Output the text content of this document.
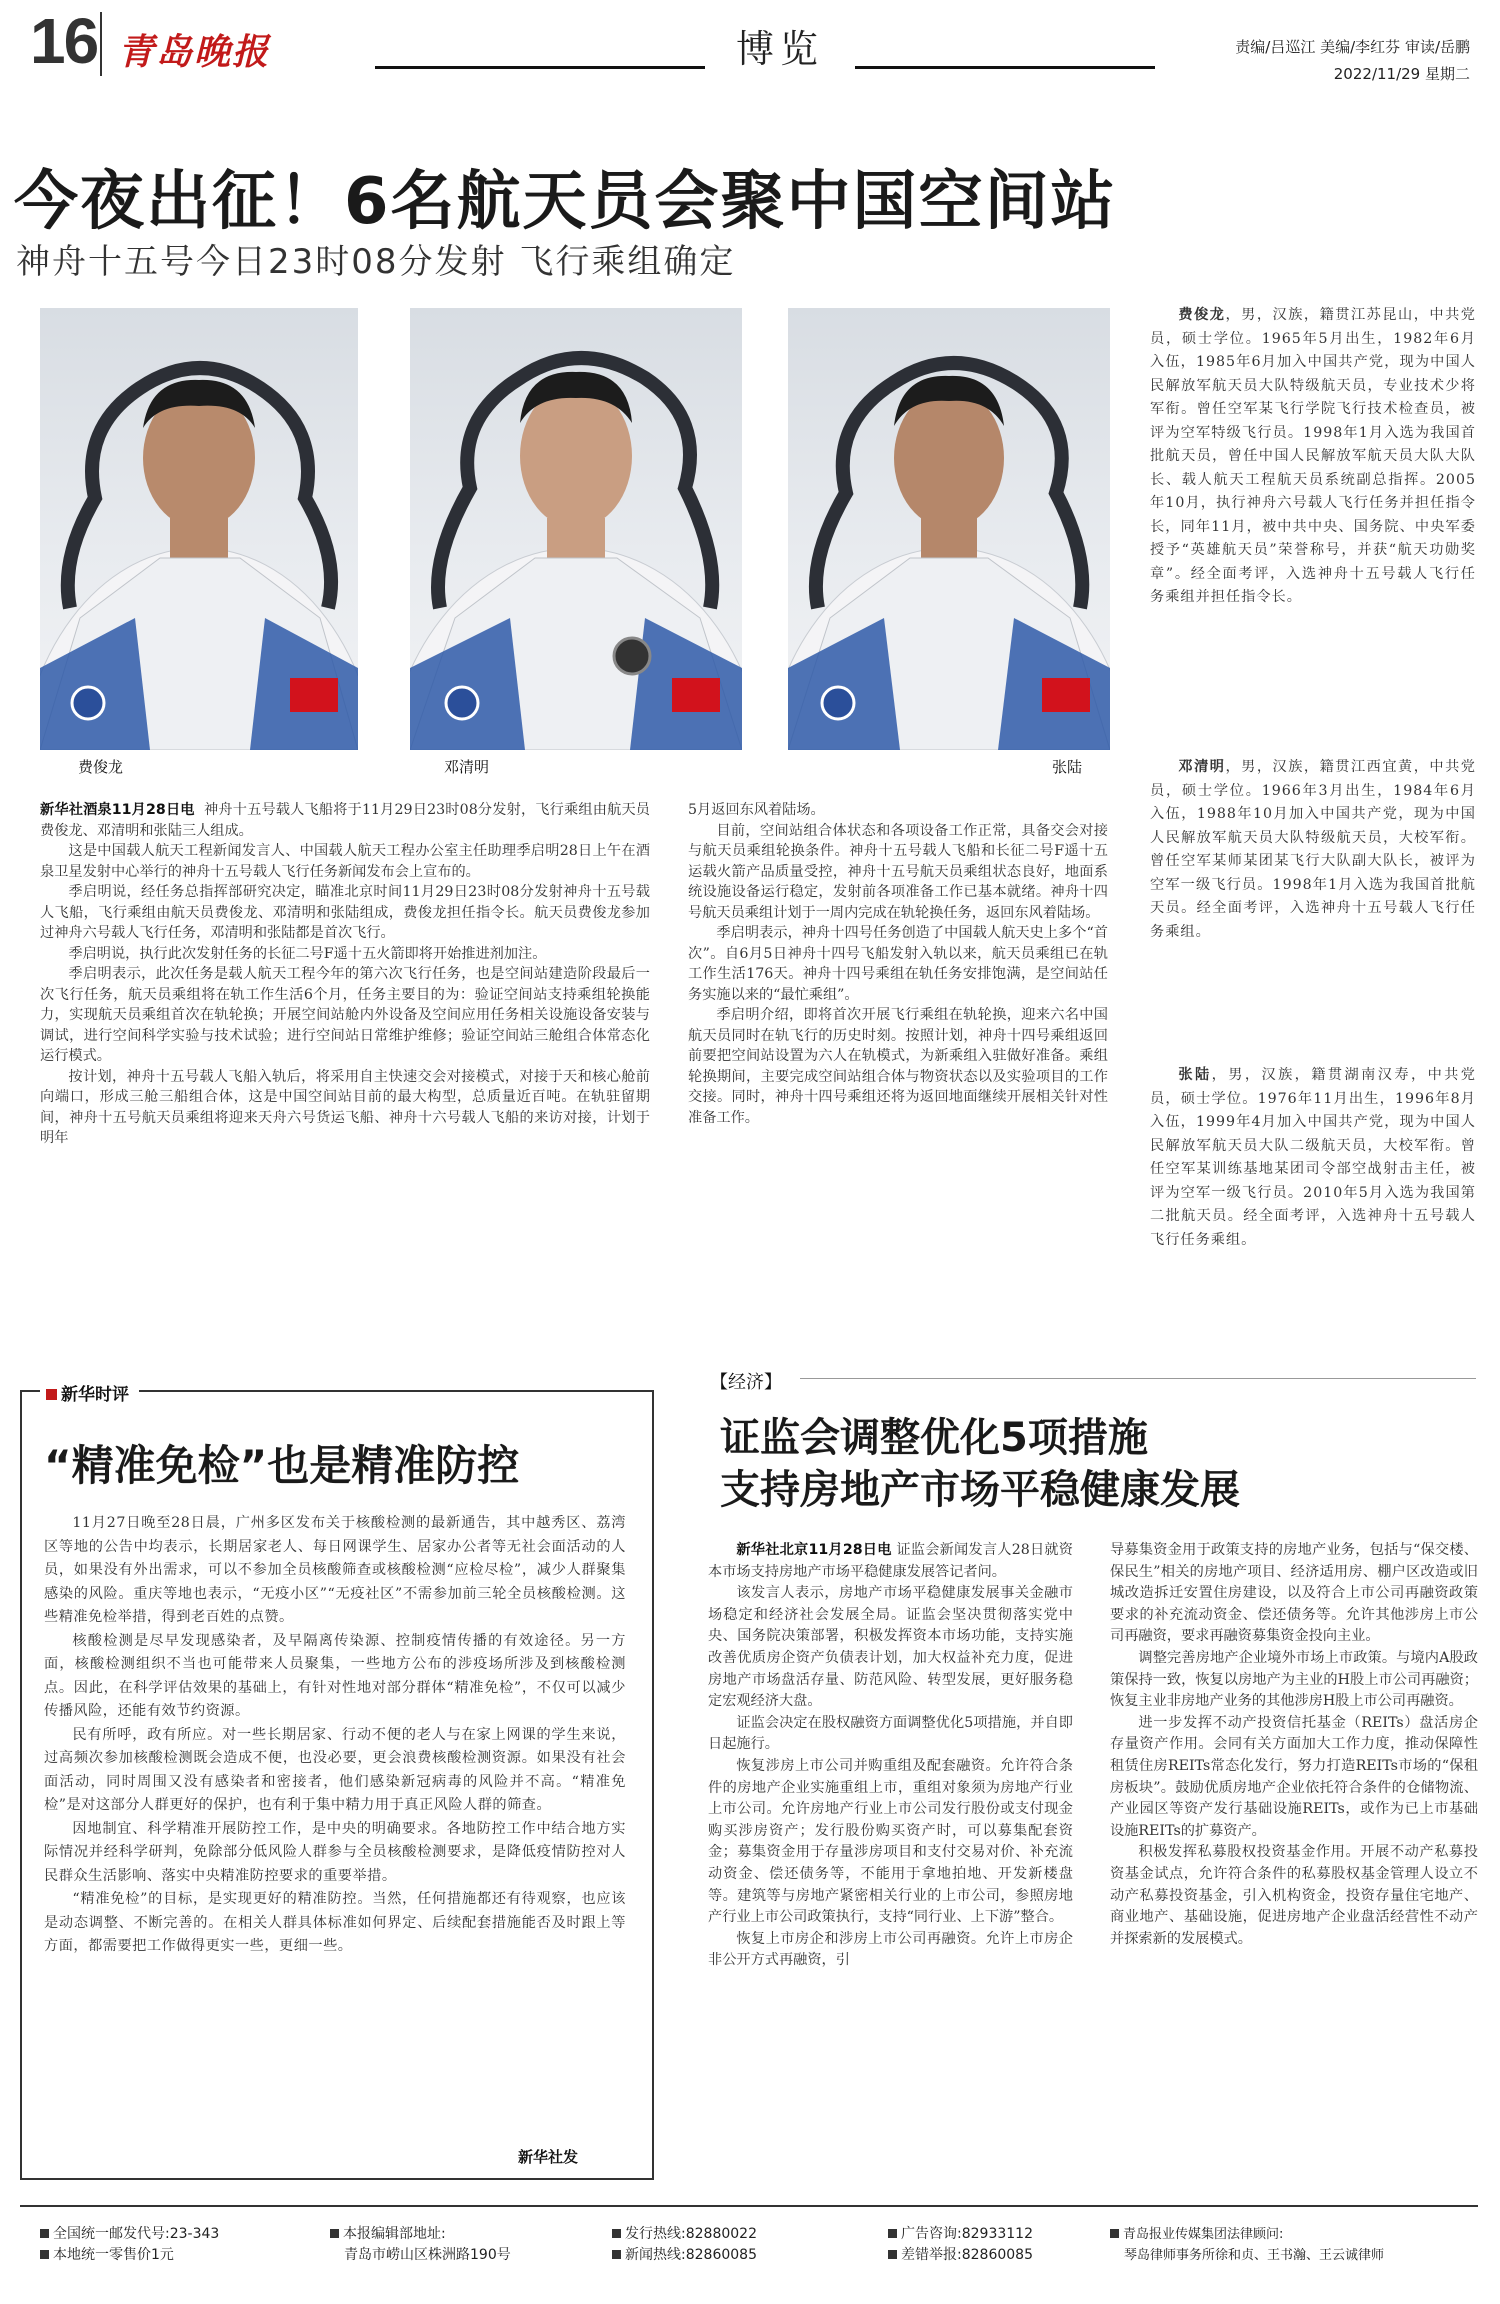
16 青岛晚报	博览	责编/吕巡江 美编/李红芬 审读/岳鹏
2022/11/29 星期二
今夜出征！6名航天员会聚中国空间站
神舟十五号今日23时08分发射 飞行乘组确定
费俊龙	邓清明	张陆

新华社酒泉11月28日电 神舟十五号载人飞船将于11月29日23时08分发射，飞行乘组由航天员费俊龙、邓清明和张陆三人组成。

这是中国载人航天工程新闻发言人、中国载人航天工程办公室主任助理季启明28日上午在酒泉卫星发射中心举行的神舟十五号载人飞行任务新闻发布会上宣布的。

季启明说，经任务总指挥部研究决定，瞄准北京时间11月29日23时08分发射神舟十五号载人飞船，飞行乘组由航天员费俊龙、邓清明和张陆组成，费俊龙担任指令长。航天员费俊龙参加过神舟六号载人飞行任务，邓清明和张陆都是首次飞行。

季启明说，执行此次发射任务的长征二号F遥十五火箭即将开始推进剂加注。

季启明表示，此次任务是载人航天工程今年的第六次飞行任务，也是空间站建造阶段最后一次飞行任务，航天员乘组将在轨工作生活6个月，任务主要目的为：验证空间站支持乘组轮换能力，实现航天员乘组首次在轨轮换；开展空间站舱内外设备及空间应用任务相关设施设备安装与调试，进行空间科学实验与技术试验；进行空间站日常维护维修；验证空间站三舱组合体常态化运行模式。

按计划，神舟十五号载人飞船入轨后，将采用自主快速交会对接模式，对接于天和核心舱前向端口，形成三舱三船组合体，这是中国空间站目前的最大构型，总质量近百吨。在轨驻留期间，神舟十五号航天员乘组将迎来天舟六号货运飞船、神舟十六号载人飞船的来访对接，计划于明年

5月返回东风着陆场。

目前，空间站组合体状态和各项设备工作正常，具备交会对接与航天员乘组轮换条件。神舟十五号载人飞船和长征二号F遥十五运载火箭产品质量受控，神舟十五号航天员乘组状态良好，地面系统设施设备运行稳定，发射前各项准备工作已基本就绪。神舟十四号航天员乘组计划于一周内完成在轨轮换任务，返回东风着陆场。

季启明表示，神舟十四号任务创造了中国载人航天史上多个“首次”。自6月5日神舟十四号飞船发射入轨以来，航天员乘组已在轨工作生活176天。神舟十四号乘组在轨任务安排饱满，是空间站任务实施以来的“最忙乘组”。

季启明介绍，即将首次开展飞行乘组在轨轮换，迎来六名中国航天员同时在轨飞行的历史时刻。按照计划，神舟十四号乘组返回前要把空间站设置为六人在轨模式，为新乘组入驻做好准备。乘组轮换期间，主要完成空间站组合体与物资状态以及实验项目的工作交接。同时，神舟十四号乘组还将为返回地面继续开展相关针对性准备工作。

费俊龙，男，汉族，籍贯江苏昆山，中共党员，硕士学位。1965年5月出生，1982年6月入伍，1985年6月加入中国共产党，现为中国人民解放军航天员大队特级航天员，专业技术少将军衔。曾任空军某飞行学院飞行技术检查员，被评为空军特级飞行员。1998年1月入选为我国首批航天员，曾任中国人民解放军航天员大队大队长、载人航天工程航天员系统副总指挥。2005年10月，执行神舟六号载人飞行任务并担任指令长，同年11月，被中共中央、国务院、中央军委授予“英雄航天员”荣誉称号，并获“航天功勋奖章”。经全面考评，入选神舟十五号载人飞行任务乘组并担任指令长。

邓清明，男，汉族，籍贯江西宜黄，中共党员，硕士学位。1966年3月出生，1984年6月入伍，1988年10月加入中国共产党，现为中国人民解放军航天员大队特级航天员，大校军衔。曾任空军某师某团某飞行大队副大队长，被评为空军一级飞行员。1998年1月入选为我国首批航天员。经全面考评，入选神舟十五号载人飞行任务乘组。

张陆，男，汉族，籍贯湖南汉寿，中共党员，硕士学位。1976年11月出生，1996年8月入伍，1999年4月加入中国共产党，现为中国人民解放军航天员大队二级航天员，大校军衔。曾任空军某训练基地某团司令部空战射击主任，被评为空军一级飞行员。2010年5月入选为我国第二批航天员。经全面考评，入选神舟十五号载人飞行任务乘组。

新华时评
“精准免检”也是精准防控

11月27日晚至28日晨，广州多区发布关于核酸检测的最新通告，其中越秀区、荔湾区等地的公告中均表示，长期居家老人、每日网课学生、居家办公者等无社会面活动的人员，如果没有外出需求，可以不参加全员核酸筛查或核酸检测“应检尽检”，减少人群聚集感染的风险。重庆等地也表示，“无疫小区”“无疫社区”不需参加前三轮全员核酸检测。这些精准免检举措，得到老百姓的点赞。

核酸检测是尽早发现感染者，及早隔离传染源、控制疫情传播的有效途径。另一方面，核酸检测组织不当也可能带来人员聚集，一些地方公布的涉疫场所涉及到核酸检测点。因此，在科学评估效果的基础上，有针对性地对部分群体“精准免检”，不仅可以减少传播风险，还能有效节约资源。

民有所呼，政有所应。对一些长期居家、行动不便的老人与在家上网课的学生来说，过高频次参加核酸检测既会造成不便，也没必要，更会浪费核酸检测资源。如果没有社会面活动，同时周围又没有感染者和密接者，他们感染新冠病毒的风险并不高。“精准免检”是对这部分人群更好的保护，也有利于集中精力用于真正风险人群的筛查。

因地制宜、科学精准开展防控工作，是中央的明确要求。各地防控工作中结合地方实际情况并经科学研判，免除部分低风险人群参与全员核酸检测要求，是降低疫情防控对人民群众生活影响、落实中央精准防控要求的重要举措。

“精准免检”的目标，是实现更好的精准防控。当然，任何措施都还有待观察，也应该是动态调整、不断完善的。在相关人群具体标准如何界定、后续配套措施能否及时跟上等方面，都需要把工作做得更实一些，更细一些。

新华社发
【经济】
证监会调整优化5项措施
支持房地产市场平稳健康发展

新华社北京11月28日电 证监会新闻发言人28日就资本市场支持房地产市场平稳健康发展答记者问。

该发言人表示，房地产市场平稳健康发展事关金融市场稳定和经济社会发展全局。证监会坚决贯彻落实党中央、国务院决策部署，积极发挥资本市场功能，支持实施改善优质房企资产负债表计划，加大权益补充力度，促进房地产市场盘活存量、防范风险、转型发展，更好服务稳定宏观经济大盘。

证监会决定在股权融资方面调整优化5项措施，并自即日起施行。

恢复涉房上市公司并购重组及配套融资。允许符合条件的房地产企业实施重组上市，重组对象须为房地产行业上市公司。允许房地产行业上市公司发行股份或支付现金购买涉房资产；发行股份购买资产时，可以募集配套资金；募集资金用于存量涉房项目和支付交易对价、补充流动资金、偿还债务等，不能用于拿地拍地、开发新楼盘等。建筑等与房地产紧密相关行业的上市公司，参照房地产行业上市公司政策执行，支持“同行业、上下游”整合。

恢复上市房企和涉房上市公司再融资。允许上市房企非公开方式再融资，引

导募集资金用于政策支持的房地产业务，包括与“保交楼、保民生”相关的房地产项目、经济适用房、棚户区改造或旧城改造拆迁安置住房建设，以及符合上市公司再融资政策要求的补充流动资金、偿还债务等。允许其他涉房上市公司再融资，要求再融资募集资金投向主业。

调整完善房地产企业境外市场上市政策。与境内A股政策保持一致，恢复以房地产为主业的H股上市公司再融资；恢复主业非房地产业务的其他涉房H股上市公司再融资。

进一步发挥不动产投资信托基金（REITs）盘活房企存量资产作用。会同有关方面加大工作力度，推动保障性租赁住房REITs常态化发行，努力打造REITs市场的“保租房板块”。鼓励优质房地产企业依托符合条件的仓储物流、产业园区等资产发行基础设施REITs，或作为已上市基础设施REITs的扩募资产。

积极发挥私募股权投资基金作用。开展不动产私募投资基金试点，允许符合条件的私募股权基金管理人设立不动产私募投资基金，引入机构资金，投资存量住宅地产、商业地产、基础设施，促进房地产企业盘活经营性不动产并探索新的发展模式。

全国统一邮发代号:23-343
本地统一零售价1元
本报编辑部地址:
青岛市崂山区株洲路190号
发行热线:82880022
新闻热线:82860085
广告咨询:82933112
差错举报:82860085
青岛报业传媒集团法律顾问:
琴岛律师事务所徐和贞、王书瀚、王云诚律师
